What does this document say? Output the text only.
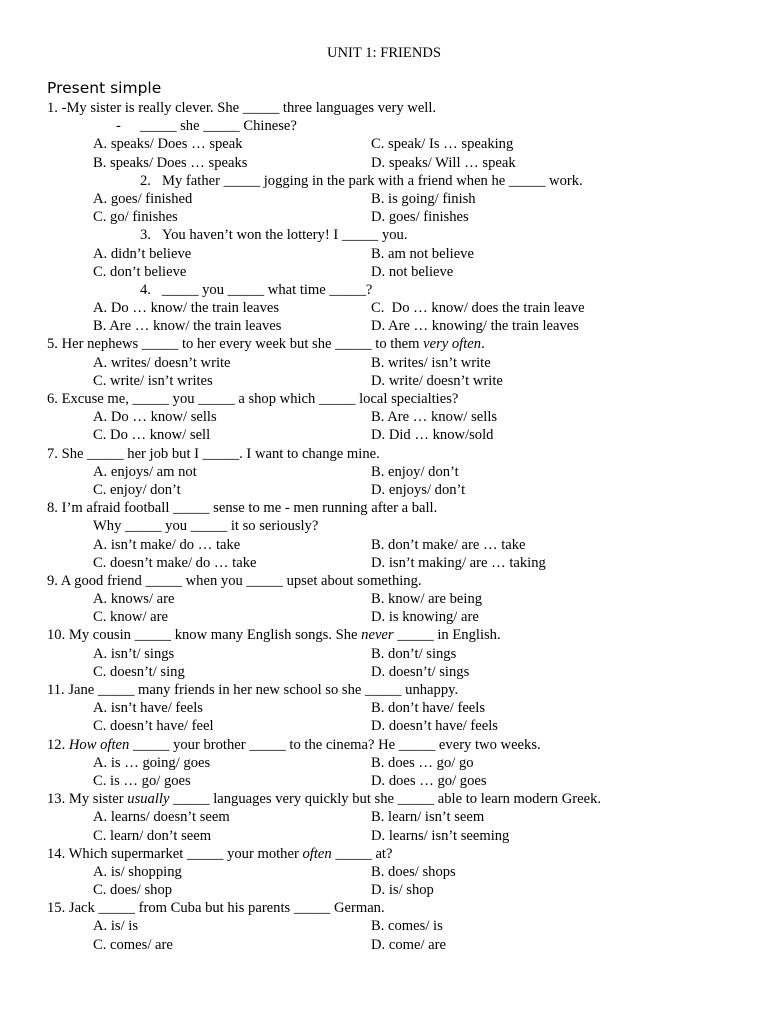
UNIT 1: FRIENDS
Present simple
1. -My sister is really clever. She _____ three languages very well.
- _____ she _____ Chinese?
A. speaks/ Does … speak	C. speak/ Is … speaking
B. speaks/ Does … speaks	D. speaks/ Will … speak
2. My father _____ jogging in the park with a friend when he _____ work.
A. goes/ finished	B. is going/ finish
C. go/ finishes	D. goes/ finishes
3. You haven’t won the lottery! I _____ you.
A. didn’t believe	B. am not believe
C. don’t believe	D. not believe
4. _____ you _____ what time _____?
A. Do … know/ the train leaves	C.  Do … know/ does the train leave
B. Are … know/ the train leaves	D. Are … knowing/ the train leaves
5. Her nephews _____ to her every week but she _____ to them very often.
A. writes/ doesn’t write	B. writes/ isn’t write
C. write/ isn’t writes	D. write/ doesn’t write
6. Excuse me, _____ you _____ a shop which _____ local specialties?
A. Do … know/ sells	B. Are … know/ sells
C. Do … know/ sell	D. Did … know/sold
7. She _____ her job but I _____. I want to change mine.
A. enjoys/ am not	B. enjoy/ don’t
C. enjoy/ don’t	D. enjoys/ don’t
8. I’m afraid football _____ sense to me - men running after a ball.
Why _____ you _____ it so seriously?
A. isn’t make/ do … take	B. don’t make/ are … take
C. doesn’t make/ do … take	D. isn’t making/ are … taking
9. A good friend _____ when you _____ upset about something.
A. knows/ are	B. know/ are being
C. know/ are	D. is knowing/ are
10. My cousin _____ know many English songs. She never _____ in English.
A. isn’t/ sings	B. don’t/ sings
C. doesn’t/ sing	D. doesn’t/ sings
11. Jane _____ many friends in her new school so she _____ unhappy.
A. isn’t have/ feels	B. don’t have/ feels
C. doesn’t have/ feel	D. doesn’t have/ feels
12. How often _____ your brother _____ to the cinema? He _____ every two weeks.
A. is … going/ goes	B. does … go/ go
C. is … go/ goes	D. does … go/ goes
13. My sister usually _____ languages very quickly but she _____ able to learn modern Greek.
A. learns/ doesn’t seem	B. learn/ isn’t seem
C. learn/ don’t seem	D. learns/ isn’t seeming
14. Which supermarket _____ your mother often _____ at?
A. is/ shopping	B. does/ shops
C. does/ shop	D. is/ shop
15. Jack _____ from Cuba but his parents _____ German.
A. is/ is	B. comes/ is
C. comes/ are	D. come/ are
